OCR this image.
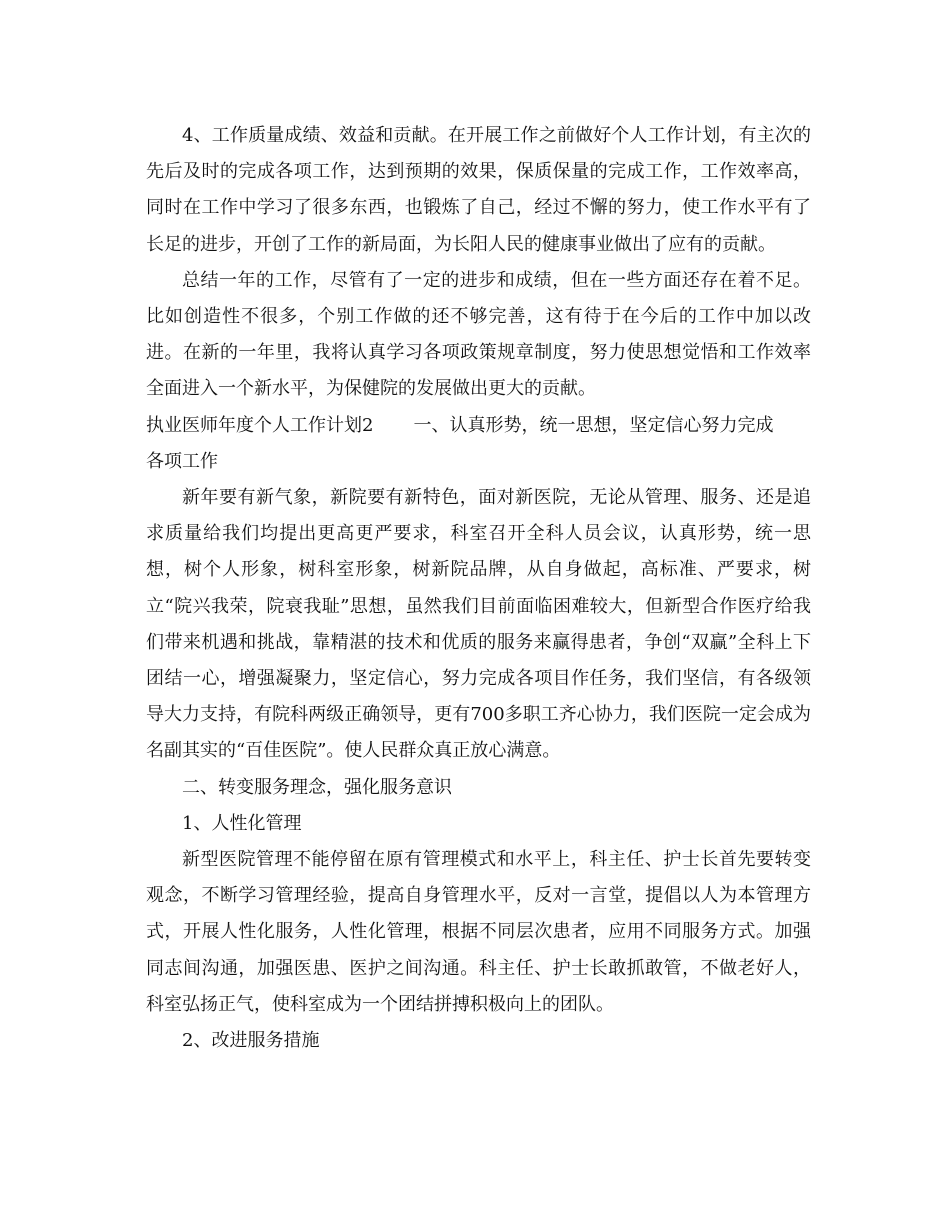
4、工作质量成绩、效益和贡献。在开展工作之前做好个人工作计划，有主次的先后及时的完成各项工作，达到预期的效果，保质保量的完成工作，工作效率高，同时在工作中学习了很多东西，也锻炼了自己，经过不懈的努力，使工作水平有了长足的进步，开创了工作的新局面，为长阳人民的健康事业做出了应有的贡献。

总结一年的工作，尽管有了一定的进步和成绩，但在一些方面还存在着不足。比如创造性不很多，个别工作做的还不够完善，这有待于在今后的工作中加以改进。在新的一年里，我将认真学习各项政策规章制度，努力使思想觉悟和工作效率全面进入一个新水平，为保健院的发展做出更大的贡献。

执业医师年度个人工作计划2 一、认真形势，统一思想，坚定信心努力完成

各项工作

新年要有新气象，新院要有新特色，面对新医院，无论从管理、服务、还是追求质量给我们均提出更高更严要求，科室召开全科人员会议，认真形势，统一思想，树个人形象，树科室形象，树新院品牌，从自身做起，高标准、严要求，树立“院兴我荣，院衰我耻”思想，虽然我们目前面临困难较大，但新型合作医疗给我们带来机遇和挑战，靠精湛的技术和优质的服务来赢得患者，争创“双赢”全科上下团结一心，增强凝聚力，坚定信心，努力完成各项目作任务，我们坚信，有各级领导大力支持，有院科两级正确领导，更有700多职工齐心协力，我们医院一定会成为名副其实的“百佳医院”。使人民群众真正放心满意。

二、转变服务理念，强化服务意识

1、人性化管理

新型医院管理不能停留在原有管理模式和水平上，科主任、护士长首先要转变观念，不断学习管理经验，提高自身管理水平，反对一言堂，提倡以人为本管理方式，开展人性化服务，人性化管理，根据不同层次患者，应用不同服务方式。加强同志间沟通，加强医患、医护之间沟通。科主任、护士长敢抓敢管，不做老好人，科室弘扬正气，使科室成为一个团结拼搏积极向上的团队。

2、改进服务措施
